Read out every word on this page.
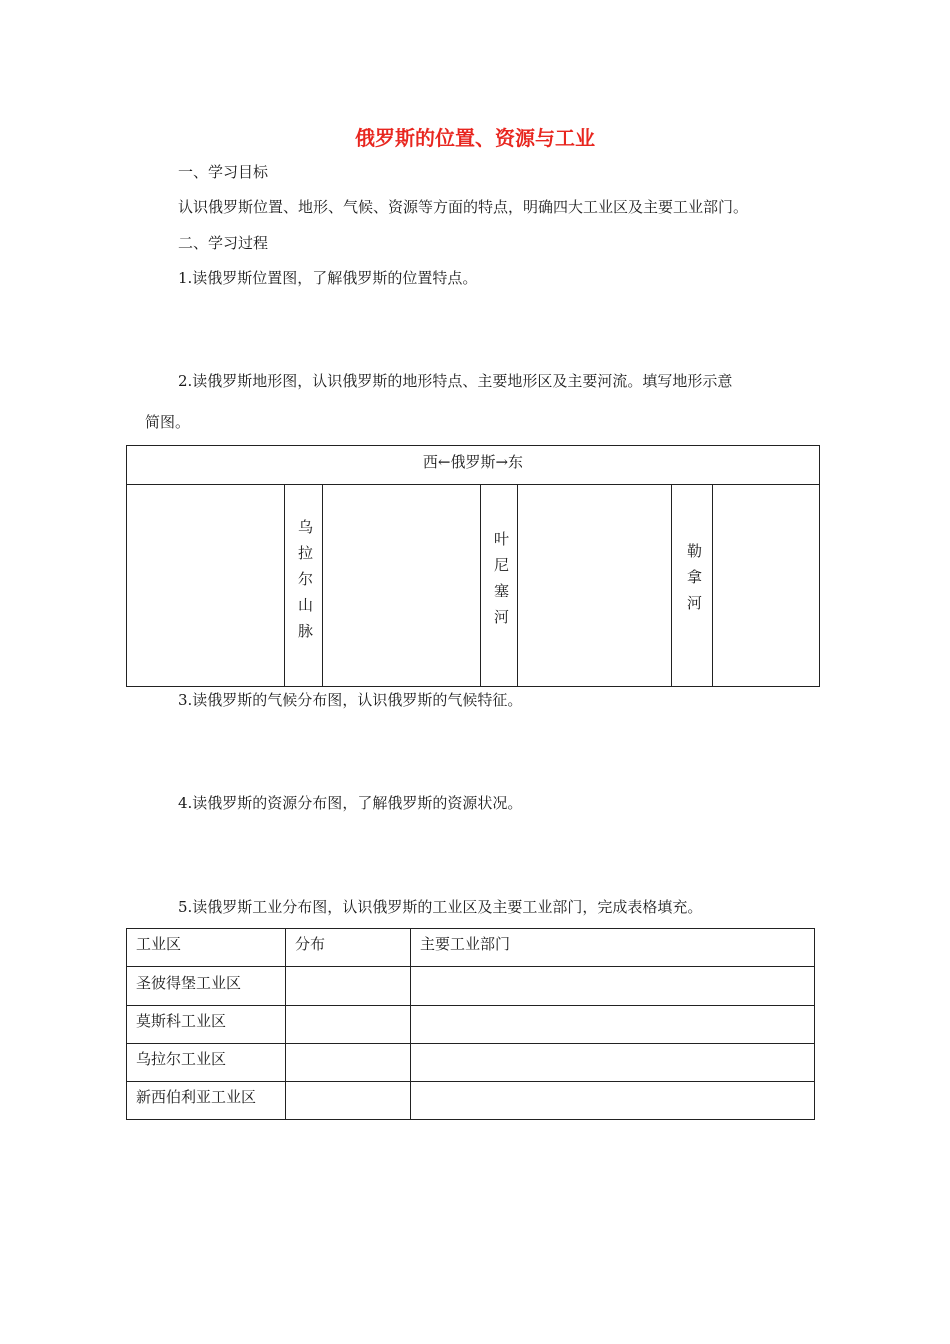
俄罗斯的位置、资源与工业
一、学习目标
认识俄罗斯位置、地形、气候、资源等方面的特点，明确四大工业区及主要工业部门。
二、学习过程
1.读俄罗斯位置图，了解俄罗斯的位置特点。
2.读俄罗斯地形图，认识俄罗斯的地形特点、主要地形区及主要河流。填写地形示意
简图。
西←俄罗斯→东
乌拉尔山脉	叶尼塞河	勒拿河
3.读俄罗斯的气候分布图，认识俄罗斯的气候特征。
4.读俄罗斯的资源分布图，了解俄罗斯的资源状况。
5.读俄罗斯工业分布图，认识俄罗斯的工业区及主要工业部门，完成表格填充。
工业区	分布	主要工业部门
圣彼得堡工业区
莫斯科工业区
乌拉尔工业区
新西伯利亚工业区
